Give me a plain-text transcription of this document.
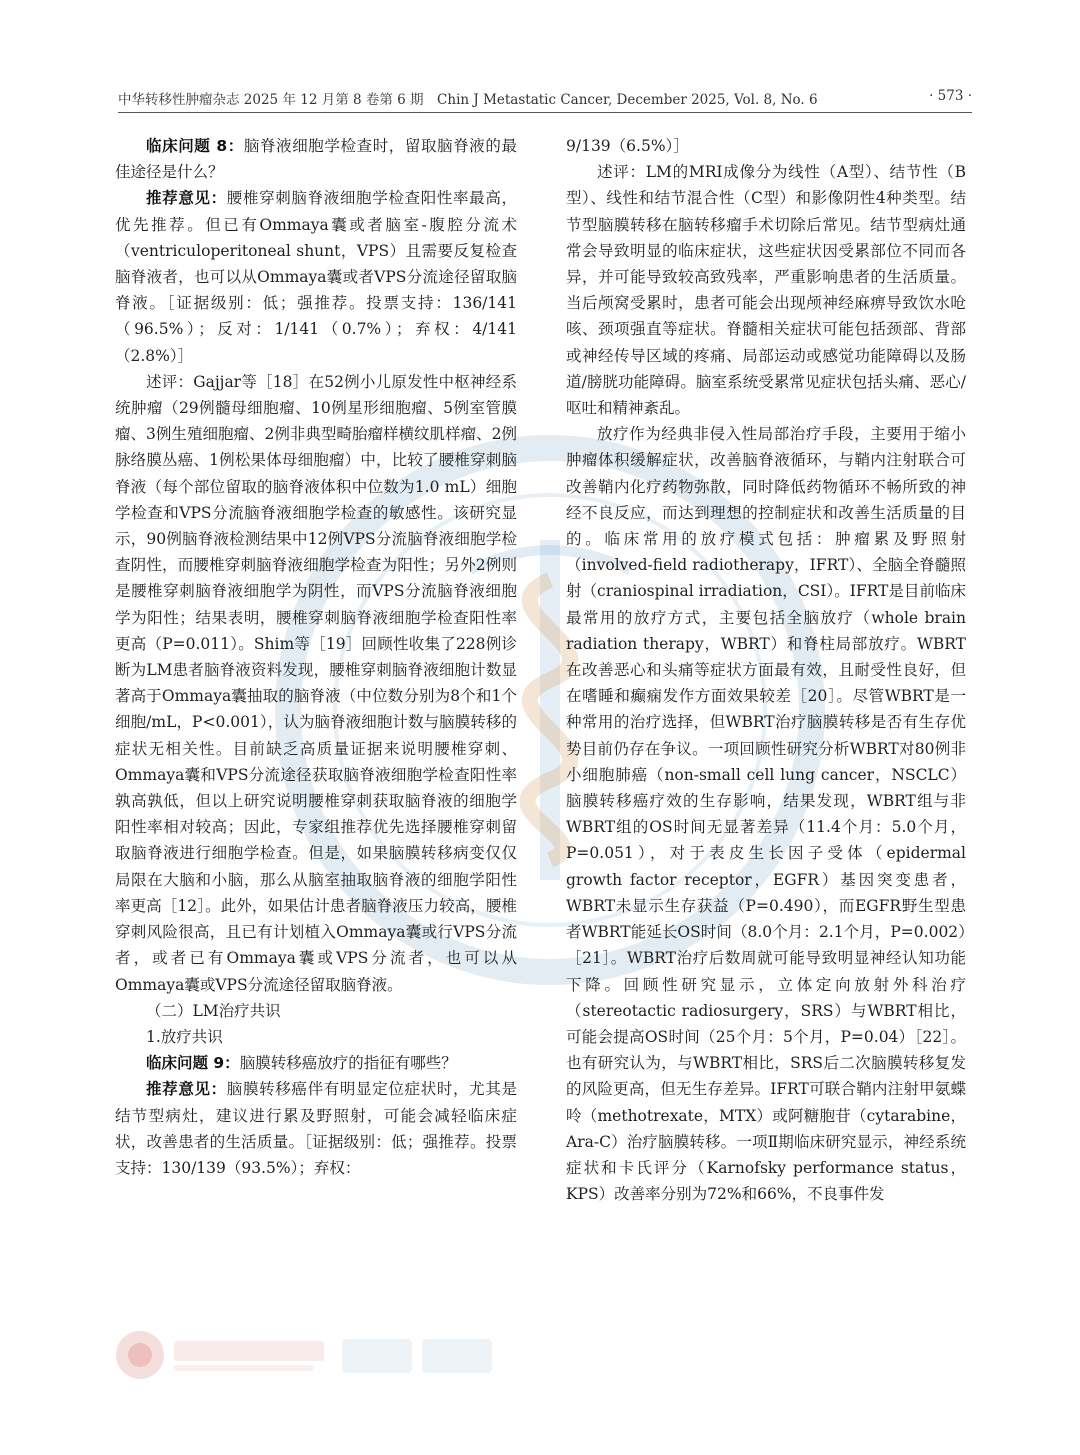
中华转移性肿瘤杂志 2025 年 12 月第 8 卷第 6 期　Chin J Metastatic Cancer, December 2025, Vol. 8, No. 6	· 573 ·

临床问题 8：脑脊液细胞学检查时，留取脑脊液的最佳途径是什么？

推荐意见：腰椎穿刺脑脊液细胞学检查阳性率最高，优先推荐。但已有Ommaya囊或者脑室-腹腔分流术（ventriculoperitoneal shunt，VPS）且需要反复检查脑脊液者，也可以从Ommaya囊或者VPS分流途径留取脑脊液。［证据级别：低；强推荐。投票支持：136/141（96.5%）；反对：1/141（0.7%）；弃权：4/141（2.8%）］

述评：Gajjar等［18］在52例小儿原发性中枢神经系统肿瘤（29例髓母细胞瘤、10例星形细胞瘤、5例室管膜瘤、3例生殖细胞瘤、2例非典型畸胎瘤样横纹肌样瘤、2例脉络膜丛癌、1例松果体母细胞瘤）中，比较了腰椎穿刺脑脊液（每个部位留取的脑脊液体积中位数为1.0 mL）细胞学检查和VPS分流脑脊液细胞学检查的敏感性。该研究显示，90例脑脊液检测结果中12例VPS分流脑脊液细胞学检查阴性，而腰椎穿刺脑脊液细胞学检查为阳性；另外2例则是腰椎穿刺脑脊液细胞学为阴性，而VPS分流脑脊液细胞学为阳性；结果表明，腰椎穿刺脑脊液细胞学检查阳性率更高（P=0.011）。Shim等［19］回顾性收集了228例诊断为LM患者脑脊液资料发现，腰椎穿刺脑脊液细胞计数显著高于Ommaya囊抽取的脑脊液（中位数分别为8个和1个细胞/mL，P<0.001），认为脑脊液细胞计数与脑膜转移的症状无相关性。目前缺乏高质量证据来说明腰椎穿刺、Ommaya囊和VPS分流途径获取脑脊液细胞学检查阳性率孰高孰低，但以上研究说明腰椎穿刺获取脑脊液的细胞学阳性率相对较高；因此，专家组推荐优先选择腰椎穿刺留取脑脊液进行细胞学检查。但是，如果脑膜转移病变仅仅局限在大脑和小脑，那么从脑室抽取脑脊液的细胞学阳性率更高［12］。此外，如果估计患者脑脊液压力较高，腰椎穿刺风险很高，且已有计划植入Ommaya囊或行VPS分流者，或者已有Ommaya囊或VPS分流者，也可以从Ommaya囊或VPS分流途径留取脑脊液。

（二）LM治疗共识

1.放疗共识

临床问题 9：脑膜转移癌放疗的指征有哪些？

推荐意见：脑膜转移癌伴有明显定位症状时，尤其是结节型病灶，建议进行累及野照射，可能会减轻临床症状，改善患者的生活质量。［证据级别：低；强推荐。投票支持：130/139（93.5%）；弃权：

9/139（6.5%）］

述评：LM的MRI成像分为线性（A型）、结节性（B型）、线性和结节混合性（C型）和影像阴性4种类型。结节型脑膜转移在脑转移瘤手术切除后常见。结节型病灶通常会导致明显的临床症状，这些症状因受累部位不同而各异，并可能导致较高致残率，严重影响患者的生活质量。当后颅窝受累时，患者可能会出现颅神经麻痹导致饮水呛咳、颈项强直等症状。脊髓相关症状可能包括颈部、背部或神经传导区域的疼痛、局部运动或感觉功能障碍以及肠道/膀胱功能障碍。脑室系统受累常见症状包括头痛、恶心/呕吐和精神紊乱。

放疗作为经典非侵入性局部治疗手段，主要用于缩小肿瘤体积缓解症状，改善脑脊液循环，与鞘内注射联合可改善鞘内化疗药物弥散，同时降低药物循环不畅所致的神经不良反应，而达到理想的控制症状和改善生活质量的目的。临床常用的放疗模式包括：肿瘤累及野照射（involved-field radiotherapy，IFRT）、全脑全脊髓照射（craniospinal irradiation，CSI）。IFRT是目前临床最常用的放疗方式，主要包括全脑放疗（whole brain radiation therapy，WBRT）和脊柱局部放疗。WBRT在改善恶心和头痛等症状方面最有效，且耐受性良好，但在嗜睡和癫痫发作方面效果较差［20］。尽管WBRT是一种常用的治疗选择，但WBRT治疗脑膜转移是否有生存优势目前仍存在争议。一项回顾性研究分析WBRT对80例非小细胞肺癌（non-small cell lung cancer，NSCLC）脑膜转移癌疗效的生存影响，结果发现，WBRT组与非WBRT组的OS时间无显著差异（11.4个月：5.0个月，P=0.051），对于表皮生长因子受体（epidermal growth factor receptor，EGFR）基因突变患者，WBRT未显示生存获益（P=0.490），而EGFR野生型患者WBRT能延长OS时间（8.0个月：2.1个月，P=0.002）［21］。WBRT治疗后数周就可能导致明显神经认知功能下降。回顾性研究显示，立体定向放射外科治疗（stereotactic radiosurgery，SRS）与WBRT相比，可能会提高OS时间（25个月：5个月，P=0.04）［22］。也有研究认为，与WBRT相比，SRS后二次脑膜转移复发的风险更高，但无生存差异。IFRT可联合鞘内注射甲氨蝶呤（methotrexate，MTX）或阿糖胞苷（cytarabine，Ara-C）治疗脑膜转移。一项Ⅱ期临床研究显示，神经系统症状和卡氏评分（Karnofsky performance status，KPS）改善率分别为72%和66%，不良事件发
